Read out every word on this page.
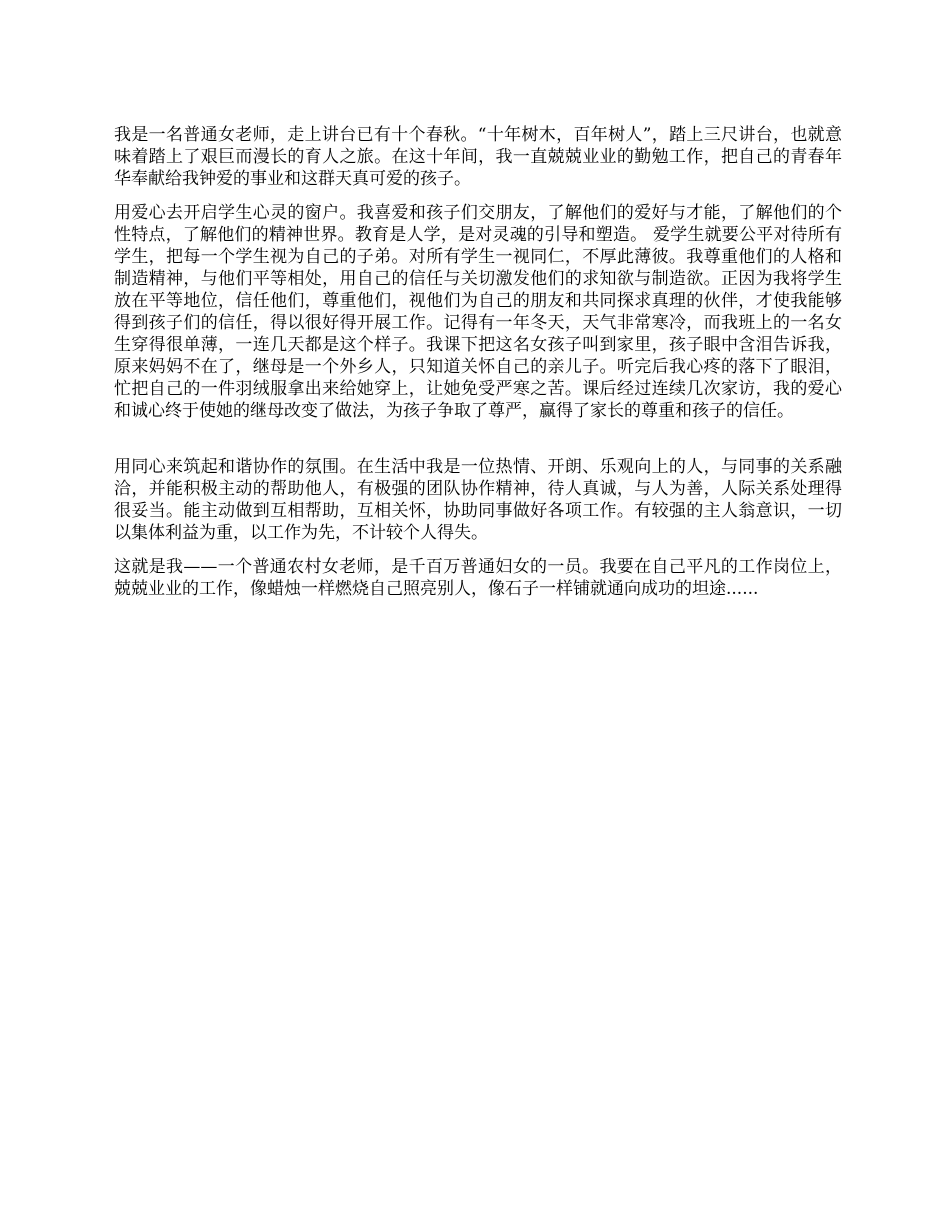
我是一名普通女老师，走上讲台已有十个春秋。“十年树木，百年树人”，踏上三尺讲台，也就意味着踏上了艰巨而漫长的育人之旅。在这十年间，我一直兢兢业业的勤勉工作，把自己的青春年华奉献给我钟爱的事业和这群天真可爱的孩子。

用爱心去开启学生心灵的窗户。我喜爱和孩子们交朋友，了解他们的爱好与才能，了解他们的个性特点，了解他们的精神世界。教育是人学，是对灵魂的引导和塑造。 爱学生就要公平对待所有学生，把每一个学生视为自己的子弟。对所有学生一视同仁，不厚此薄彼。我尊重他们的人格和制造精神，与他们平等相处，用自己的信任与关切激发他们的求知欲与制造欲。正因为我将学生放在平等地位，信任他们，尊重他们，视他们为自己的朋友和共同探求真理的伙伴，才使我能够得到孩子们的信任，得以很好得开展工作。记得有一年冬天，天气非常寒冷，而我班上的一名女生穿得很单薄，一连几天都是这个样子。我课下把这名女孩子叫到家里，孩子眼中含泪告诉我，原来妈妈不在了，继母是一个外乡人，只知道关怀自己的亲儿子。听完后我心疼的落下了眼泪，忙把自己的一件羽绒服拿出来给她穿上，让她免受严寒之苦。课后经过连续几次家访，我的爱心和诚心终于使她的继母改变了做法，为孩子争取了尊严，赢得了家长的尊重和孩子的信任。

用同心来筑起和谐协作的氛围。在生活中我是一位热情、开朗、乐观向上的人，与同事的关系融洽，并能积极主动的帮助他人，有极强的团队协作精神，待人真诚，与人为善，人际关系处理得很妥当。能主动做到互相帮助，互相关怀，协助同事做好各项工作。有较强的主人翁意识，一切以集体利益为重，以工作为先，不计较个人得失。

这就是我——一个普通农村女老师，是千百万普通妇女的一员。我要在自己平凡的工作岗位上，兢兢业业的工作，像蜡烛一样燃烧自己照亮别人，像石子一样铺就通向成功的坦途......
